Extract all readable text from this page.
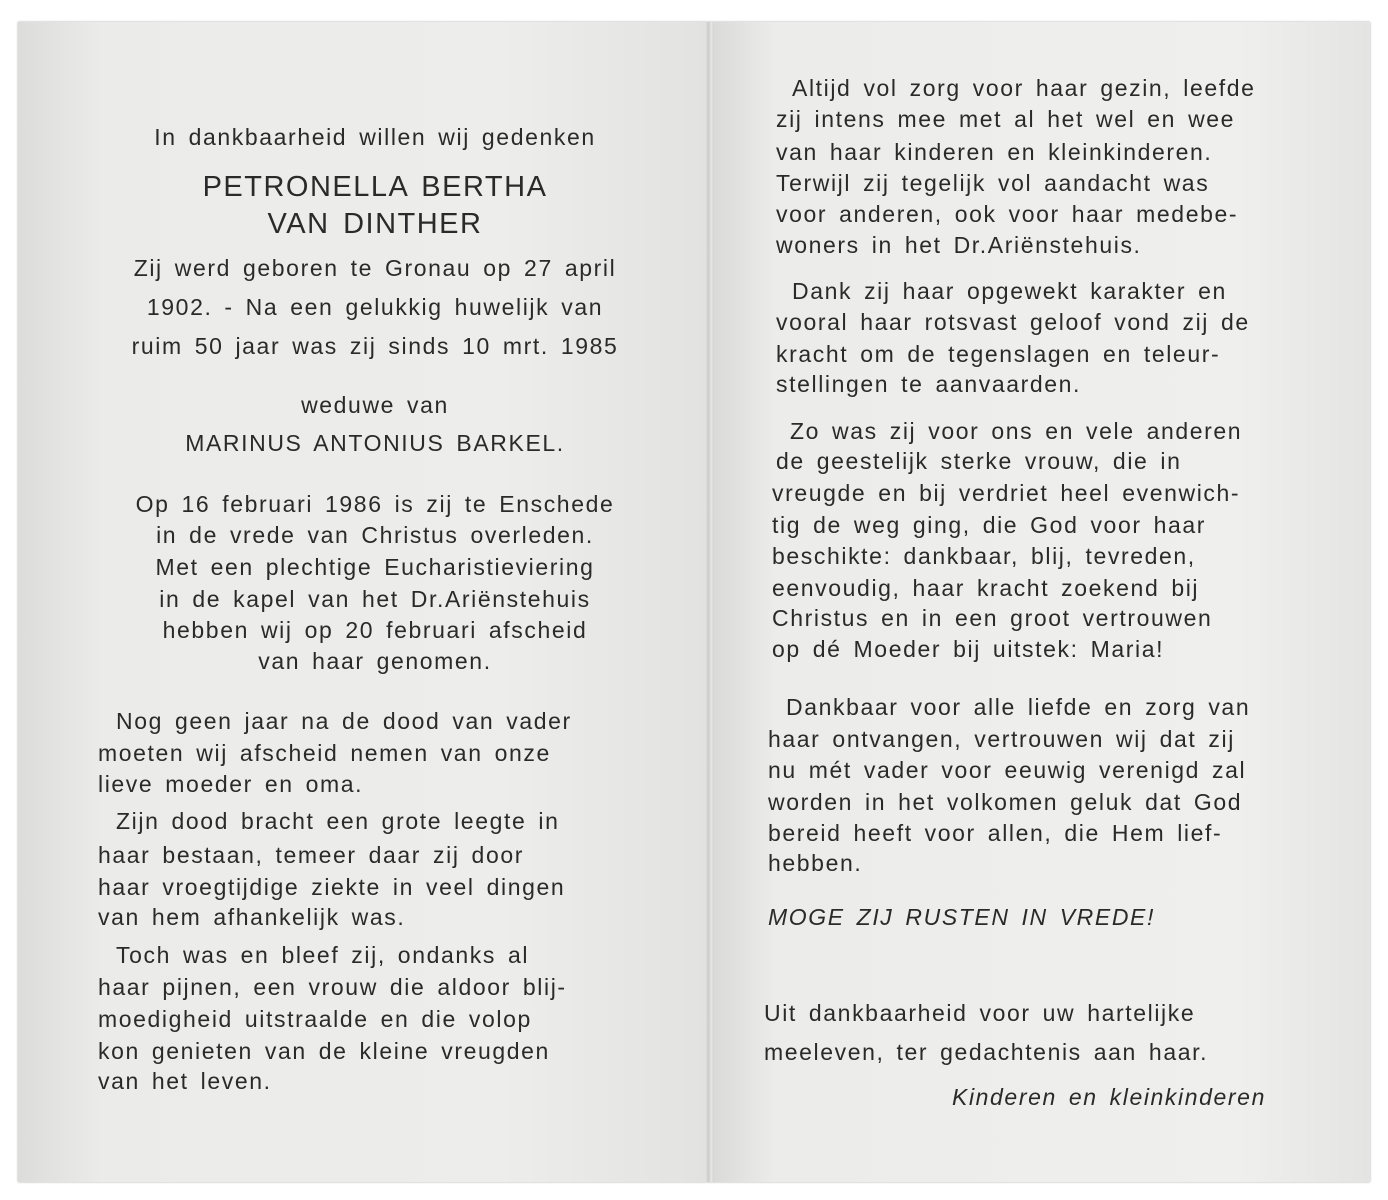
In dankbaarheid willen wij gedenken
PETRONELLA BERTHA
VAN DINTHER
Zij werd geboren te Gronau op 27 april
1902. - Na een gelukkig huwelijk van
ruim 50 jaar was zij sinds 10 mrt. 1985
weduwe van
MARINUS ANTONIUS BARKEL.
Op 16 februari 1986 is zij te Enschede
in de vrede van Christus overleden.
Met een plechtige Eucharistieviering
in de kapel van het Dr.Ariënstehuis
hebben wij op 20 februari afscheid
van haar genomen.
Nog geen jaar na de dood van vader
moeten wij afscheid nemen van onze
lieve moeder en oma.
Zijn dood bracht een grote leegte in
haar bestaan, temeer daar zij door
haar vroegtijdige ziekte in veel dingen
van hem afhankelijk was.
Toch was en bleef zij, ondanks al
haar pijnen, een vrouw die aldoor blij-
moedigheid uitstraalde en die volop
kon genieten van de kleine vreugden
van het leven.
Altijd vol zorg voor haar gezin, leefde
zij intens mee met al het wel en wee
van haar kinderen en kleinkinderen.
Terwijl zij tegelijk vol aandacht was
voor anderen, ook voor haar medebe-
woners in het Dr.Ariënstehuis.
Dank zij haar opgewekt karakter en
vooral haar rotsvast geloof vond zij de
kracht om de tegenslagen en teleur-
stellingen te aanvaarden.
Zo was zij voor ons en vele anderen
de geestelijk sterke vrouw, die in
vreugde en bij verdriet heel evenwich-
tig de weg ging, die God voor haar
beschikte: dankbaar, blij, tevreden,
eenvoudig, haar kracht zoekend bij
Christus en in een groot vertrouwen
op dé Moeder bij uitstek: Maria!
Dankbaar voor alle liefde en zorg van
haar ontvangen, vertrouwen wij dat zij
nu mét vader voor eeuwig verenigd zal
worden in het volkomen geluk dat God
bereid heeft voor allen, die Hem lief-
hebben.
MOGE ZIJ RUSTEN IN VREDE!
Uit dankbaarheid voor uw hartelijke
meeleven, ter gedachtenis aan haar.
Kinderen en kleinkinderen
